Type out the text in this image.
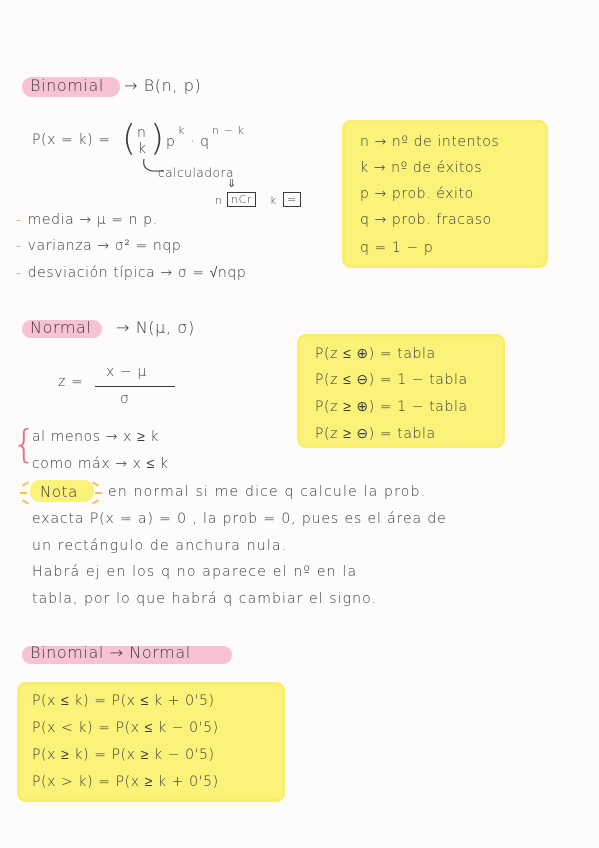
Binomial → B(n, p)
P(x = k) = ( n
k ) p
k
· q
n − k
calculadora
⇓
n nCr	k =
- media → μ = n p.
- varianza → σ² = nqp
- desviación típica → σ = √nqp
n → nº de intentos
k → nº de éxitos
p → prob. éxito
q → prob. fracaso
q = 1 − p
Normal → N(μ, σ)
z =
x − μ
σ
P(z ≤ ⊕) = tabla
P(z ≤ ⊖) = 1 − tabla
P(z ≥ ⊕) = 1 − tabla
P(z ≥ ⊖) = tabla
{
al menos → x ≥ k
como máx → x ≤ k
Nota en normal si me dice q calcule la prob.
exacta P(x = a) = 0 , la prob = 0, pues es el área de
un rectángulo de anchura nula.
Habrá ej en los q no aparece el nº en la
tabla, por lo que habrá q cambiar el signo.
Binomial → Normal
P(x ≤ k) = P(x ≤ k + 0'5)
P(x < k) = P(x ≤ k − 0'5)
P(x ≥ k) = P(x ≥ k − 0'5)
P(x > k) = P(x ≥ k + 0'5)
